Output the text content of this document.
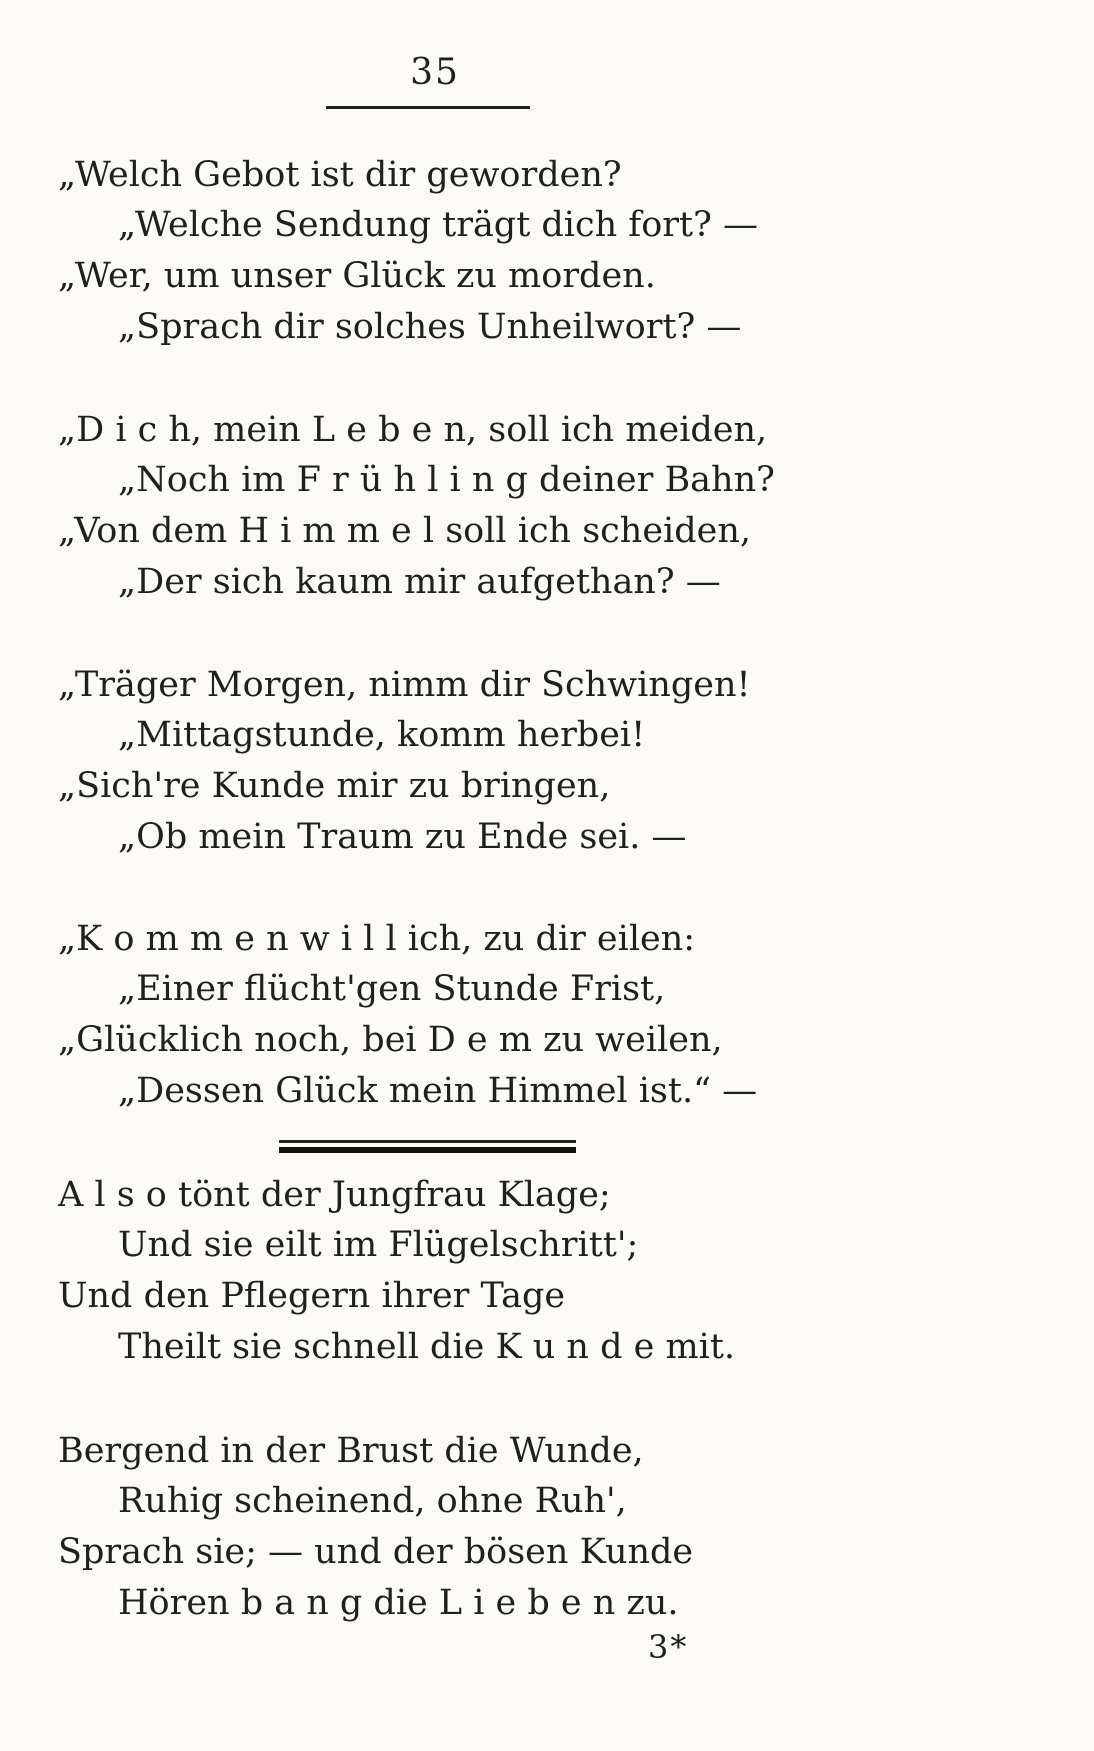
35
„Welch Gebot ist dir geworden?
„Welche Sendung trägt dich fort? —
„Wer, um unser Glück zu morden.
„Sprach dir solches Unheilwort? —
„D i c h, mein L e b e n, soll ich meiden,
„Noch im F r ü h l i n g deiner Bahn?
„Von dem H i m m e l soll ich scheiden,
„Der sich kaum mir aufgethan? —
„Träger Morgen, nimm dir Schwingen!
„Mittagstunde, komm herbei!
„Sich're Kunde mir zu bringen,
„Ob mein Traum zu Ende sei. —
„K o m m e n w i l l ich, zu dir eilen:
„Einer flücht'gen Stunde Frist,
„Glücklich noch, bei D e m zu weilen,
„Dessen Glück mein Himmel ist.“ —
A l s o tönt der Jungfrau Klage;
Und sie eilt im Flügelschritt';
Und den Pflegern ihrer Tage
Theilt sie schnell die K u n d e mit.
Bergend in der Brust die Wunde,
Ruhig scheinend, ohne Ruh',
Sprach sie; — und der bösen Kunde
Hören b a n g die L i e b e n zu.
3*
